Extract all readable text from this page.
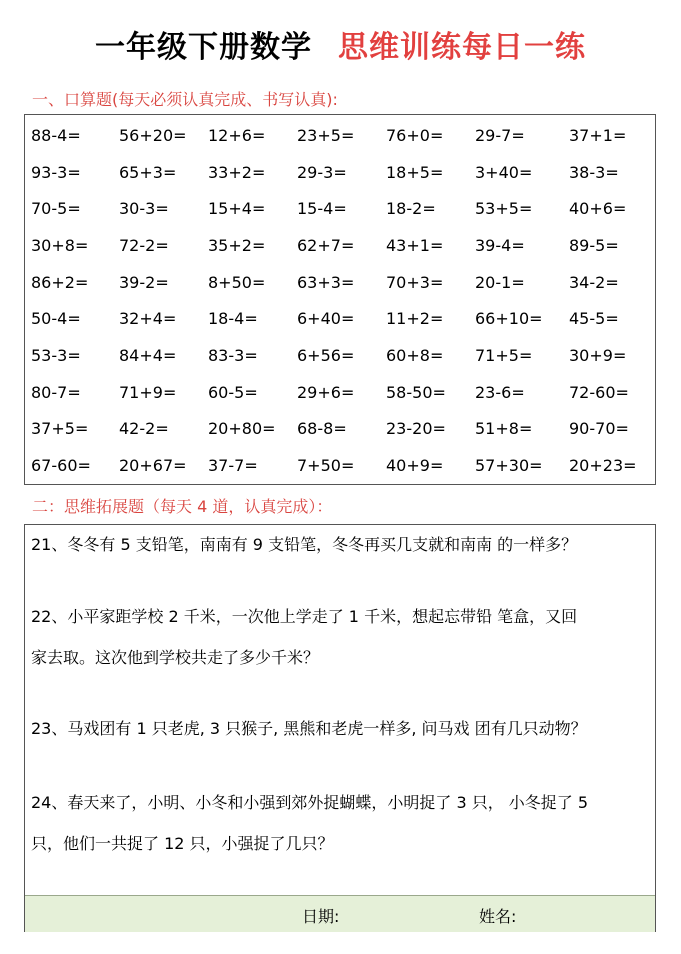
一年级下册数学 思维训练每日一练
一、口算题(每天必须认真完成、书写认真):
88-4=	56+20=	12+6=	23+5=	76+0=	29-7=	37+1=
93-3=	65+3=	33+2=	29-3=	18+5=	3+40=	38-3=
70-5=	30-3=	15+4=	15-4=	18-2=	53+5=	40+6=
30+8=	72-2=	35+2=	62+7=	43+1=	39-4=	89-5=
86+2=	39-2=	8+50=	63+3=	70+3=	20-1=	34-2=
50-4=	32+4=	18-4=	6+40=	11+2=	66+10=	45-5=
53-3=	84+4=	83-3=	6+56=	60+8=	71+5=	30+9=
80-7=	71+9=	60-5=	29+6=	58-50=	23-6=	72-60=
37+5=	42-2=	20+80=	68-8=	23-20=	51+8=	90-70=
67-60=	20+67=	37-7=	7+50=	40+9=	57+30=	20+23=
二：思维拓展题（每天 4 道，认真完成）：
21、冬冬有 5 支铅笔，南南有 9 支铅笔，冬冬再买几支就和南南 的一样多？
22、小平家距学校 2 千米，一次他上学走了 1 千米，想起忘带铅 笔盒，又回
家去取。这次他到学校共走了多少千米？
23、马戏团有 1 只老虎, 3 只猴子, 黑熊和老虎一样多, 问马戏 团有几只动物？
24、春天来了，小明、小冬和小强到郊外捉蝴蝶，小明捉了 3 只， 小冬捉了 5
只，他们一共捉了 12 只，小强捉了几只？
日期:	姓名:
